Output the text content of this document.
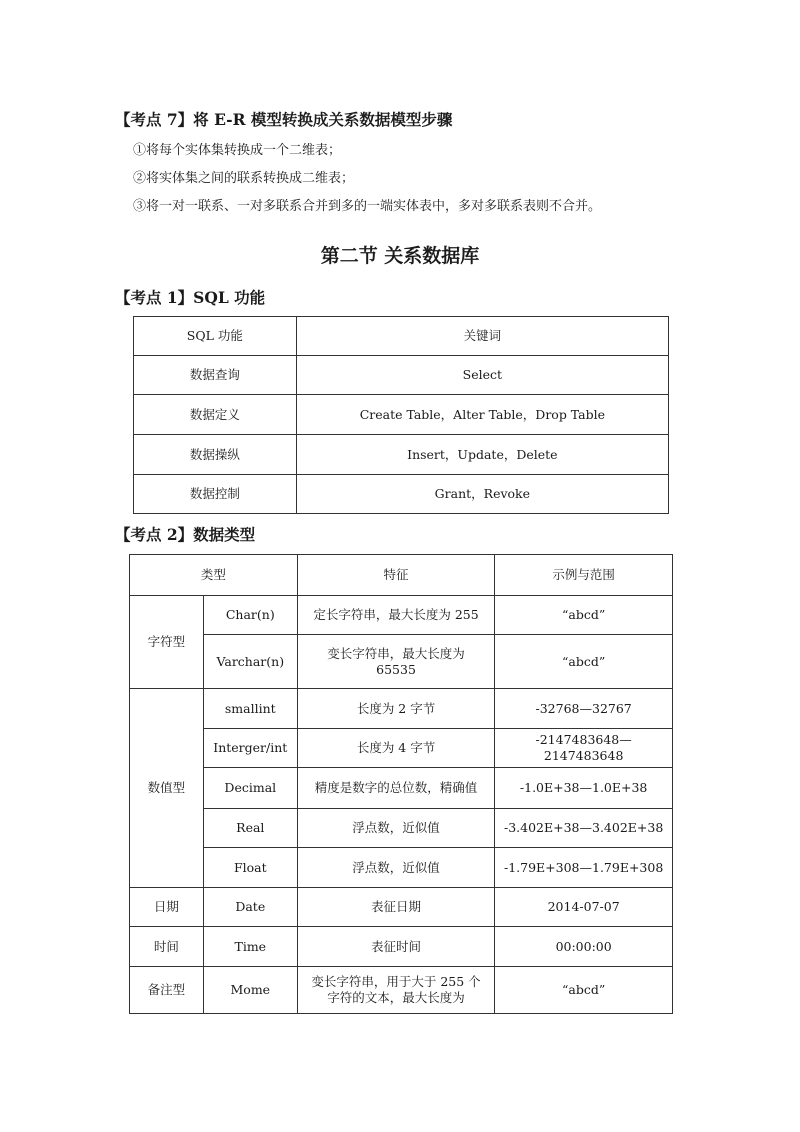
【考点 7】将 E-R 模型转换成关系数据模型步骤
①将每个实体集转换成一个二维表；
②将实体集之间的联系转换成二维表；
③将一对一联系、一对多联系合并到多的一端实体表中，多对多联系表则不合并。
第二节 关系数据库
【考点 1】SQL 功能
SQL 功能	关键词
数据查询	Select
数据定义	Create Table，Alter Table，Drop Table
数据操纵	Insert，Update，Delete
数据控制	Grant，Revoke
【考点 2】数据类型
类型		特征	示例与范围
字符型	Char(n)	定长字符串，最大长度为 255	“abcd”
	Varchar(n)	变长字符串，最大长度为 65535	“abcd”
数值型	smallint	长度为 2 字节	-32768—32767
	Interger/int	长度为 4 字节	-2147483648—2147483648
	Decimal	精度是数字的总位数，精确值	-1.0E+38—1.0E+38
	Real	浮点数，近似值	-3.402E+38—3.402E+38
	Float	浮点数，近似值	-1.79E+308—1.79E+308
日期	Date	表征日期	2014-07-07
时间	Time	表征时间	00:00:00
备注型	Mome	变长字符串，用于大于 255 个字符的文本，最大长度为	“abcd”
